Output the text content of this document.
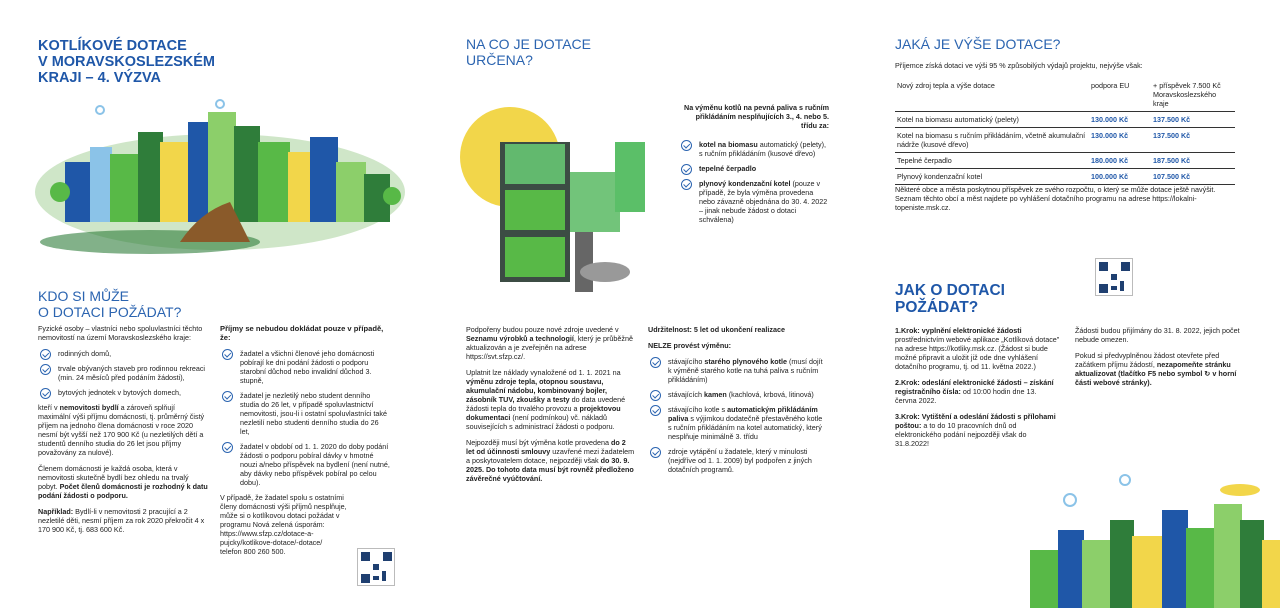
KOTLÍKOVÉ DOTACE
V MORAVSKOSLEZSKÉM
KRAJI – 4. VÝZVA
KDO SI MŮŽE
O DOTACI POŽÁDAT?

Fyzické osoby – vlastníci nebo spoluvlastníci těchto nemovitostí na území Moravskoslezského kraje:

rodinných domů,
trvale obývaných staveb pro rodinnou rekreaci (min. 24 měsíců před podáním žádosti),
bytových jednotek v bytových domech,

kteří v nemovitosti bydlí a zároveň splňují maximální výši příjmu domácnosti, tj. průměrný čistý příjem na jednoho člena domácnosti v roce 2020 nesmí být vyšší než 170 900 Kč (u nezletilých dětí a studentů denního studia do 26 let jsou příjmy považovány za nulové).

Členem domácnosti je každá osoba, která v nemovitosti skutečně bydlí bez ohledu na trvalý pobyt. Počet členů domácnosti je rozhodný k datu podání žádosti o podporu.

Například: Bydlí-li v nemovitosti 2 pracující a 2 nezletilé děti, nesmí příjem za rok 2020 překročit 4 x 170 900 Kč, tj. 683 600 Kč.

Příjmy se nebudou dokládat pouze v případě, že:

žadatel a všichni členové jeho domácnosti pobírají ke dni podání žádosti o podporu starobní důchod nebo invalidní důchod 3. stupně,
žadatel je nezletilý nebo student denního studia do 26 let, v případě spoluvlastnictví nemovitosti, jsou-li i ostatní spoluvlastníci také nezletilí nebo studenti denního studia do 26 let,
žadatel v období od 1. 1. 2020 do doby podání žádosti o podporu pobíral dávky v hmotné nouzi a/nebo příspěvek na bydlení (není nutné, aby dávky nebo příspěvek pobíral po celou dobu).

V případě, že žadatel spolu s ostatními členy domácnosti výši příjmů nesplňuje, může si o kotlíkovou dotaci požádat v programu Nová zelená úsporám:
https://www.sfzp.cz/dotace-a-pujcky/kotlikove-dotace/-dotace/
telefon 800 260 500.

NA CO JE DOTACE
URČENA?

Na výměnu kotlů na pevná paliva s ručním přikládáním nesplňujících 3., 4. nebo 5. třídu za:

kotel na biomasu automatický (pelety), s ručním přikládáním (kusové dřevo)
tepelné čerpadlo
plynový kondenzační kotel (pouze v případě, že byla výměna provedena nebo závazně objednána do 30. 4. 2022 – jinak nebude žádost o dotaci schválena)

Podpořeny budou pouze nové zdroje uvedené v Seznamu výrobků a technologií, který je průběžně aktualizován a je zveřejněn na adrese https://svt.sfzp.cz/.

Uplatnit lze náklady vynaložené od 1. 1. 2021 na výměnu zdroje tepla, otopnou soustavu, akumulační nádobu, kombinovaný bojler, zásobník TUV, zkoušky a testy do data uvedené žádosti tepla do trvalého provozu a projektovou dokumentaci (není podmínkou) vč. nákladů souvisejících s administrací žádosti o podporu.

Nejpozději musí být výměna kotle provedena do 2 let od účinnosti smlouvy uzavřené mezi žadatelem a poskytovatelem dotace, nejpozději však do 30. 9. 2025. Do tohoto data musí být rovněž předloženo závěrečné vyúčtování.

Udržitelnost: 5 let od ukončení realizace

NELZE provést výměnu:

stávajícího starého plynového kotle (musí dojít k výměně starého kotle na tuhá paliva s ručním přikládáním)
stávajících kamen (kachlová, krbová, litinová)
stávajícího kotle s automatickým přikládáním paliva s výjimkou dodatečně přestavěného kotle s ručním přikládáním na kotel automatický, který nesplňuje minimálně 3. třídu
zdroje vytápění u žadatele, který v minulosti (nejdříve od 1. 1. 2009) byl podpořen z jiných dotačních programů.
JAKÁ JE VÝŠE DOTACE?
Příjemce získá dotaci ve výši 95 % způsobilých výdajů projektu, nejvýše však:
Nový zdroj tepla a výše dotace	podpora EU	+ příspěvek 7.500 Kč
Moravskoslezského kraje
Kotel na biomasu automatický (pelety)	130.000 Kč	137.500 Kč
Kotel na biomasu s ručním přikládáním, včetně akumulační nádrže (kusové dřevo)	130.000 Kč	137.500 Kč
Tepelné čerpadlo	180.000 Kč	187.500 Kč
Plynový kondenzační kotel	100.000 Kč	107.500 Kč
Některé obce a města poskytnou příspěvek ze svého rozpočtu, o který se může dotace ještě navýšit. Seznam těchto obcí a měst najdete po vyhlášení dotačního programu na adrese https://lokalni-topeniste.msk.cz.
JAK O DOTACI
POŽÁDAT?

1.Krok: vyplnění elektronické žádosti prostřednictvím webové aplikace „Kotlíková dotace" na adrese https://kotliky.msk.cz. (Žádost si bude možné připravit a uložit již ode dne vyhlášení dotačního programu, tj. od 11. května 2022.)

2.Krok: odeslání elektronické žádosti – získání registračního čísla: od 10:00 hodin dne 13. června 2022.

3.Krok: Vytištění a odeslání žádosti s přílohami poštou: a to do 10 pracovních dnů od elektronického podání nejpozději však do 31.8.2022!

Žádosti budou přijímány do 31. 8. 2022, jejich počet nebude omezen.

Pokud si předvyplněnou žádost otevřete před začátkem příjmu žádostí, nezapomeňte stránku aktualizovat (tlačítko F5 nebo symbol ↻ v horní části webové stránky).
